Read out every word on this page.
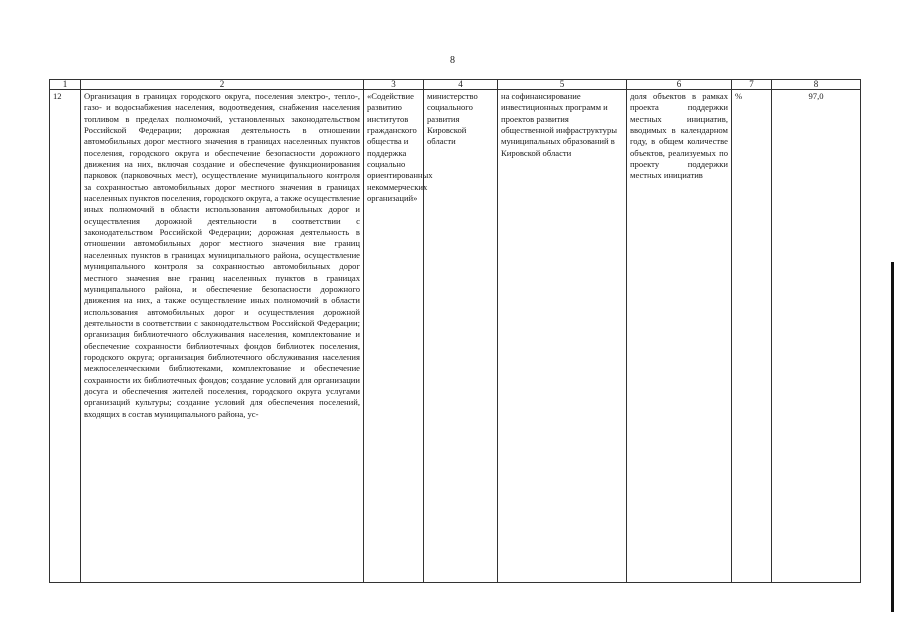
8
1	2	3	4	5	6	7	8
12	Организация в границах городского округа, поселения электро-, тепло-, газо- и водоснабжения населения, водоотведения, снабжения населения топливом в пределах полномочий, установленных законодательством Российской Федерации; дорожная деятельность в отношении автомобильных дорог местного значения в границах населенных пунктов поселения, городского округа и обеспечение безопасности дорожного движения на них, включая создание и обеспечение функционирования парковок (парковочных мест), осуществление муниципального контроля за сохранностью автомобильных дорог местного значения в границах населенных пунктов поселения, городского округа, а также осуществление иных полномочий в области использования автомобильных дорог и осуществления дорожной деятельности в соответствии с законодательством Российской Федерации; дорожная деятельность в отношении автомобильных дорог местного значения вне границ населенных пунктов в границах муниципального района, осуществление муниципального контроля за сохранностью автомобильных дорог местного значения вне границ населенных пунктов в границах муниципального района, и обеспечение безопасности дорожного движения на них, а также осуществление иных полномочий в области использования автомобильных дорог и осуществления дорожной деятельности в соответствии с законодательством Российской Федерации; организация библиотечного обслуживания населения, комплектование и обеспечение сохранности библиотечных фондов библиотек поселения, городского округа; организация библиотечного обслуживания населения межпоселенческими библиотеками, комплектование и обеспечение сохранности их библиотечных фондов; создание условий для организации досуга и обеспечения жителей поселения, городского округа услугами организаций культуры; создание условий для обеспечения поселений, входящих в состав муниципального района, ус-	«Содействие развитию институтов гражданского общества и поддержка социально ориентированных некоммерческих организаций»	министерство социального развития Кировской области	на софинансирование инвестиционных программ и проектов развития общественной инфраструктуры муниципальных образований в Кировской области	доля объектов в рамках проекта поддержки местных инициатив, вводимых в календарном году, в общем количестве объектов, реализуемых по проекту поддержки местных инициатив	%	97,0
